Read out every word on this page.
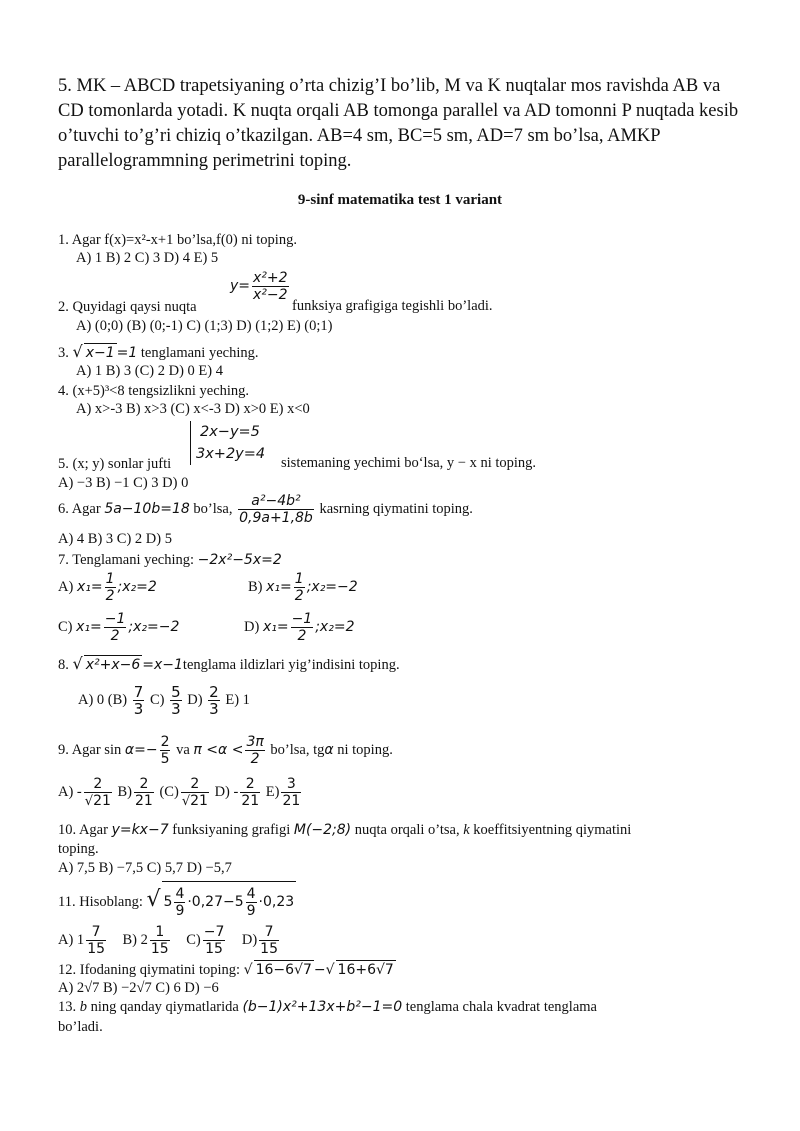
5. MK – ABCD trapetsiyaning o’rta chizig’I bo’lib, M va K nuqtalar mos ravishda AB va CD tomonlarda yotadi. K nuqta orqali AB tomonga parallel va AD tomonni P nuqtada kesib o’tuvchi to’g’ri chiziq o’tkazilgan. AB=4 sm, BC=5 sm, AD=7 sm bo’lsa, AMKP parallelogrammning perimetrini toping.
9-sinf matematika test 1 variant
1. Agar f(x)=x²-x+1 bo’lsa,f(0) ni toping.
A) 1 B) 2 C) 3 D) 4 E) 5
$y= \frac{\text{x²+2}}{\text{x²−2}}$
2. Quyidagi qaysi nuqta	funksiya grafigiga tegishli bo’ladi.
A) (0;0) (B) (0;-1) C) (1;3) D) (1;2) E) (0;1)
3. √ x−1 =1 tenglamani yeching.
A) 1 B) 3 (C) 2 D) 0 E) 4
4. (x+5)³<8 tengsizlikni yeching.
A) x>-3 B) x>3 (C) x<-3 D) x>0 E) x<0
2x−y=5
3x+2y=4
5. (x; y) sonlar jufti	sistemaning yechimi bo‘lsa, y − x ni toping.
A) −3 B) −1 C) 3 D) 0
6. Agar 5a−10b=18 bo’lsa, $\frac{\text{a²−4b²}}{0,9a+1,8b}$ kasrning qiymatini toping.
A) 4 B) 3 C) 2 D) 5
7. Tenglamani yeching: −2x²−5x=2
A) $x_1= \frac{1}{2}$ ;x₂=2	B) $x_1= \frac{1}{2}$ ;x₂=−2
C) $x_1= \frac{-1}{2}$ ;x₂=−2	D) $x_1= \frac{-1}{2}$ ;x₂=2
8. √ x²+x−6 =x−1tenglama ildizlari yig’indisini toping.
A) 0 $(B) \frac{7}{3} C) \frac{5}{3} D) \frac{2}{3} E$) 1
9. Agar $\sin \alpha=- \frac{2}{5}$ va $\pi <\alpha < \frac{3\pi}{2}$ bo’lsa, tgα ni toping.
$A) - \frac{2}{√21} B) \frac{2}{21} (C) \frac{2}{√21} D) - \frac{2}{21} E) \frac{3}{21}$
10. Agar y=kx−7 funksiyaning grafigi M(−2;8) nuqta orqali o’tsa, k koeffitsiyentning qiymatini
toping.
A) 7,5 B) −7,5 C) 5,7 D) −5,7
11. Hisoblang: √ $5 \frac{4}{9} \cdot 0,27-5 \frac{4}{9} \cdot 0,23$
A) $1 \frac{7}{15} B$) $2 \frac{1}{15} C) \frac{-7}{15} D) \frac{7}{15}$
12. Ifodaning qiymatini toping: √ 16−6√7 −√ 16+6√7
A) 2√7 B) −2√7 C) 6 D) −6
13. b ning qanday qiymatlarida (b−1)x²+13x+b²−1=0 tenglama chala kvadrat tenglama
bo’ladi.
